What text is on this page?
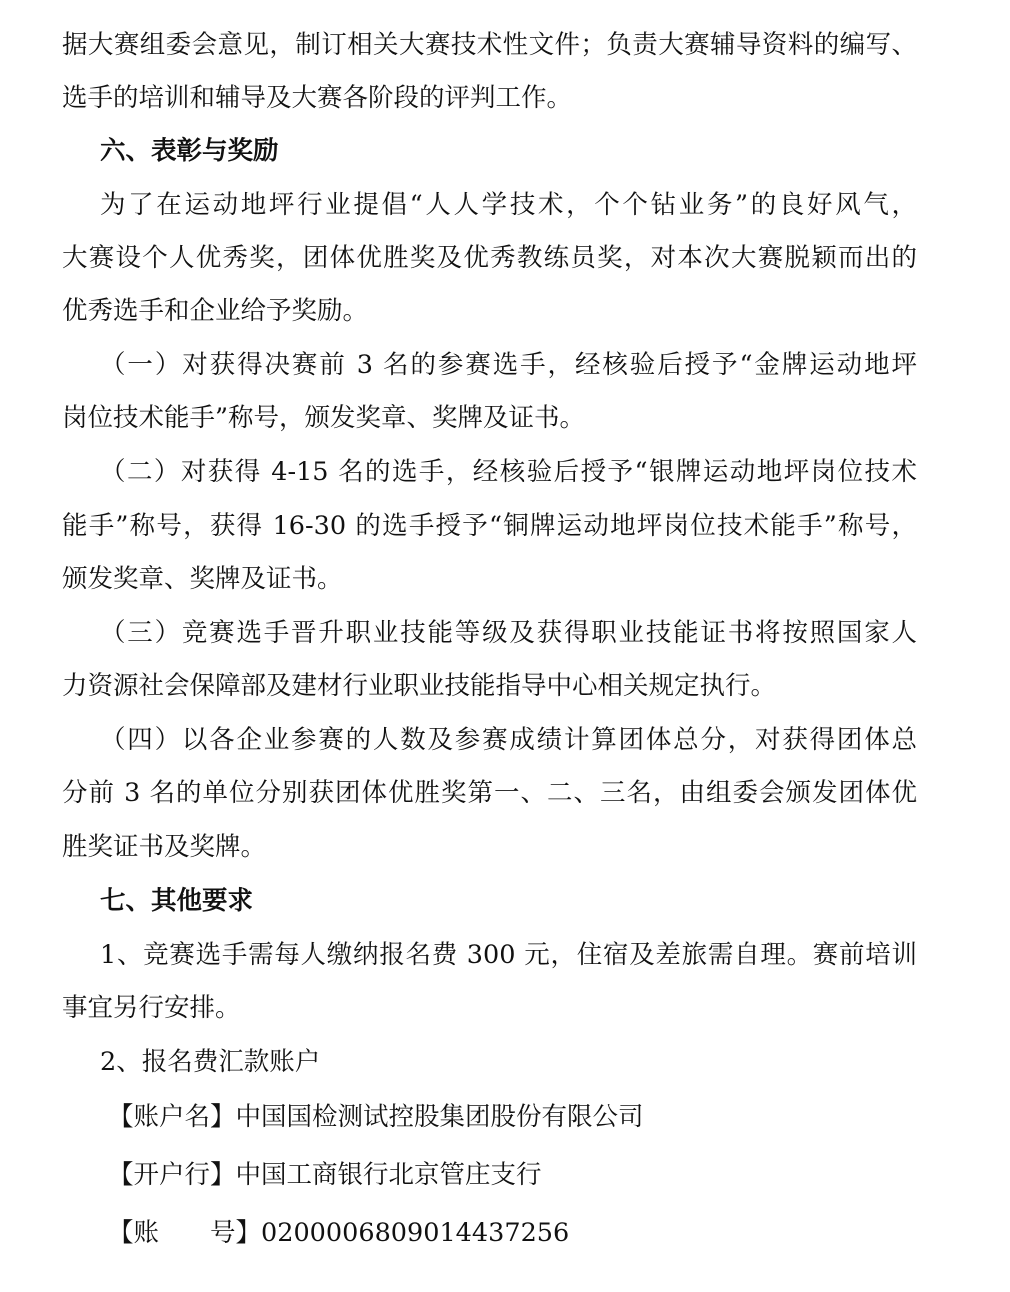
据大赛组委会意见，制订相关大赛技术性文件；负责大赛辅导资料的编写、
选手的培训和辅导及大赛各阶段的评判工作。
六、表彰与奖励
为了在运动地坪行业提倡“人人学技术，个个钻业务”的良好风气，
大赛设个人优秀奖，团体优胜奖及优秀教练员奖，对本次大赛脱颖而出的
优秀选手和企业给予奖励。
（一）对获得决赛前 3 名的参赛选手，经核验后授予“金牌运动地坪
岗位技术能手”称号，颁发奖章、奖牌及证书。
（二）对获得 4-15 名的选手，经核验后授予“银牌运动地坪岗位技术
能手”称号，获得 16-30 的选手授予“铜牌运动地坪岗位技术能手”称号，
颁发奖章、奖牌及证书。
（三）竞赛选手晋升职业技能等级及获得职业技能证书将按照国家人
力资源社会保障部及建材行业职业技能指导中心相关规定执行。
（四）以各企业参赛的人数及参赛成绩计算团体总分，对获得团体总
分前 3 名的单位分别获团体优胜奖第一、二、三名，由组委会颁发团体优
胜奖证书及奖牌。
七、其他要求
1、竞赛选手需每人缴纳报名费 300 元，住宿及差旅需自理。赛前培训
事宜另行安排。
2、报名费汇款账户
【账户名】中国国检测试控股集团股份有限公司
【开户行】中国工商银行北京管庄支行
【账　　号】0200006809014437256
